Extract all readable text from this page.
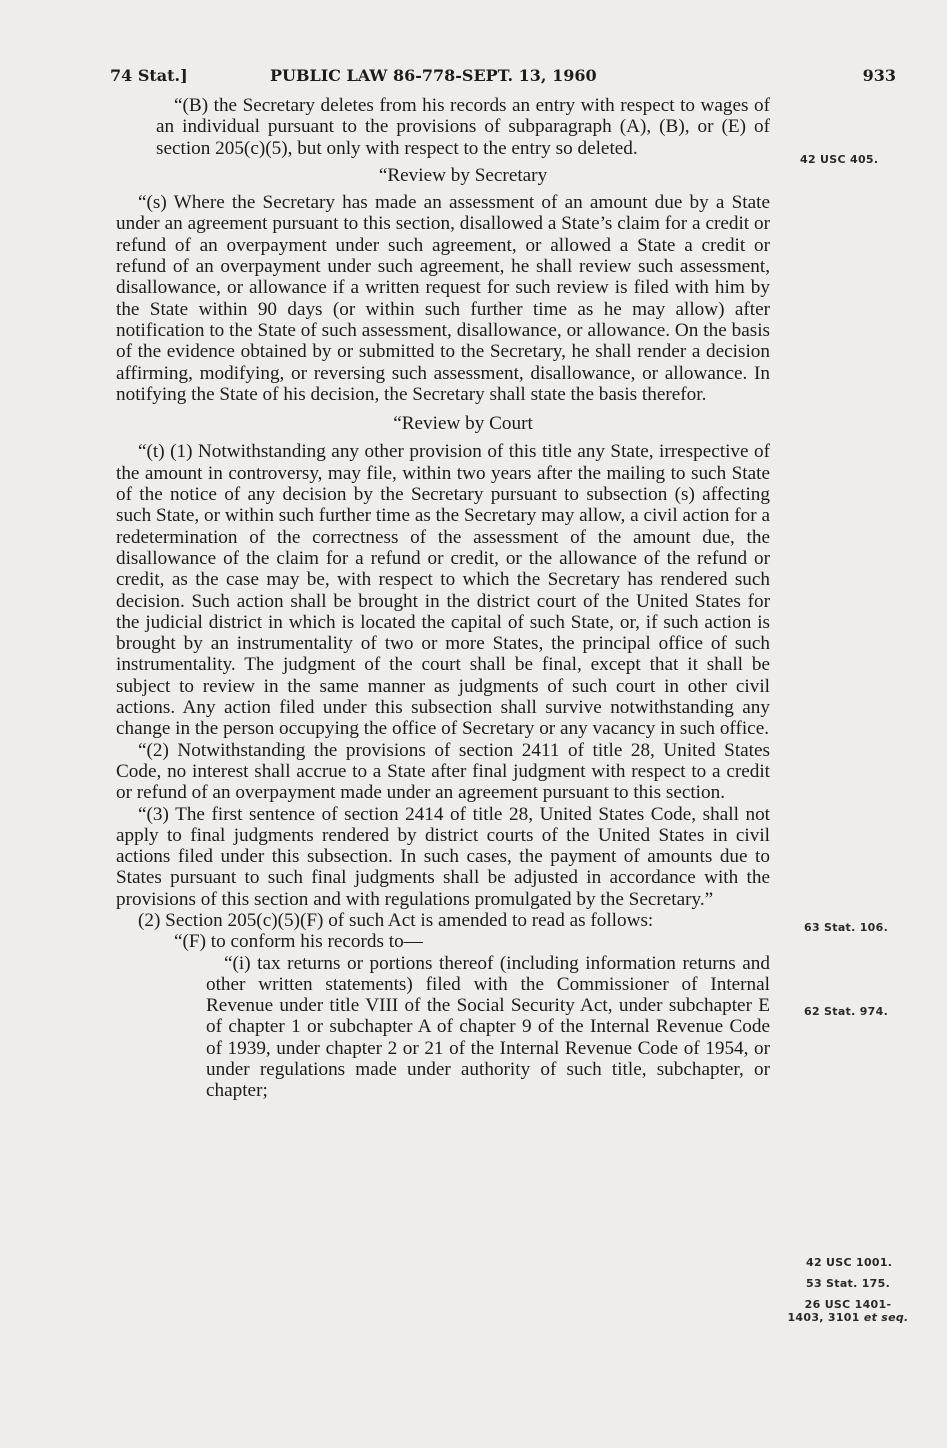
74 Stat.]	PUBLIC LAW 86-778-SEPT. 13, 1960	933

“(B) the Secretary deletes from his records an entry with respect to wages of an individual pursuant to the provisions of subparagraph (A), (B), or (E) of section 205(c)(5), but only with respect to the entry so deleted.

“Review by Secretary

“(s) Where the Secretary has made an assessment of an amount due by a State under an agreement pursuant to this section, disallowed a State’s claim for a credit or refund of an overpayment under such agreement, or allowed a State a credit or refund of an overpayment under such agreement, he shall review such assessment, disallowance, or allowance if a written request for such review is filed with him by the State within 90 days (or within such further time as he may allow) after notification to the State of such assessment, disallowance, or allowance. On the basis of the evidence obtained by or submitted to the Secretary, he shall render a decision affirming, modifying, or reversing such assessment, disallowance, or allowance. In notifying the State of his decision, the Secretary shall state the basis therefor.

“Review by Court

“(t) (1) Notwithstanding any other provision of this title any State, irrespective of the amount in controversy, may file, within two years after the mailing to such State of the notice of any decision by the Secretary pursuant to subsection (s) affecting such State, or within such further time as the Secretary may allow, a civil action for a redetermination of the correctness of the assessment of the amount due, the disallowance of the claim for a refund or credit, or the allowance of the refund or credit, as the case may be, with respect to which the Secretary has rendered such decision. Such action shall be brought in the district court of the United States for the judicial district in which is located the capital of such State, or, if such action is brought by an instrumentality of two or more States, the principal office of such instrumentality. The judgment of the court shall be final, except that it shall be subject to review in the same manner as judgments of such court in other civil actions. Any action filed under this subsection shall survive notwithstanding any change in the person occupying the office of Secretary or any vacancy in such office.

“(2) Notwithstanding the provisions of section 2411 of title 28, United States Code, no interest shall accrue to a State after final judgment with respect to a credit or refund of an overpayment made under an agreement pursuant to this section.

“(3) The first sentence of section 2414 of title 28, United States Code, shall not apply to final judgments rendered by district courts of the United States in civil actions filed under this subsection. In such cases, the payment of amounts due to States pursuant to such final judgments shall be adjusted in accordance with the provisions of this section and with regulations promulgated by the Secretary.”

(2) Section 205(c)(5)(F) of such Act is amended to read as follows:

“(F) to conform his records to—

“(i) tax returns or portions thereof (including information returns and other written statements) filed with the Commissioner of Internal Revenue under title VIII of the Social Security Act, under subchapter E of chapter 1 or subchapter A of chapter 9 of the Internal Revenue Code of 1939, under chapter 2 or 21 of the Internal Revenue Code of 1954, or under regulations made under authority of such title, subchapter, or chapter;

42 USC 405.
63 Stat. 106.
62 Stat. 974.
42 USC 1001.
53 Stat. 175.
26 USC 1401-
1403, 3101 et seq.
